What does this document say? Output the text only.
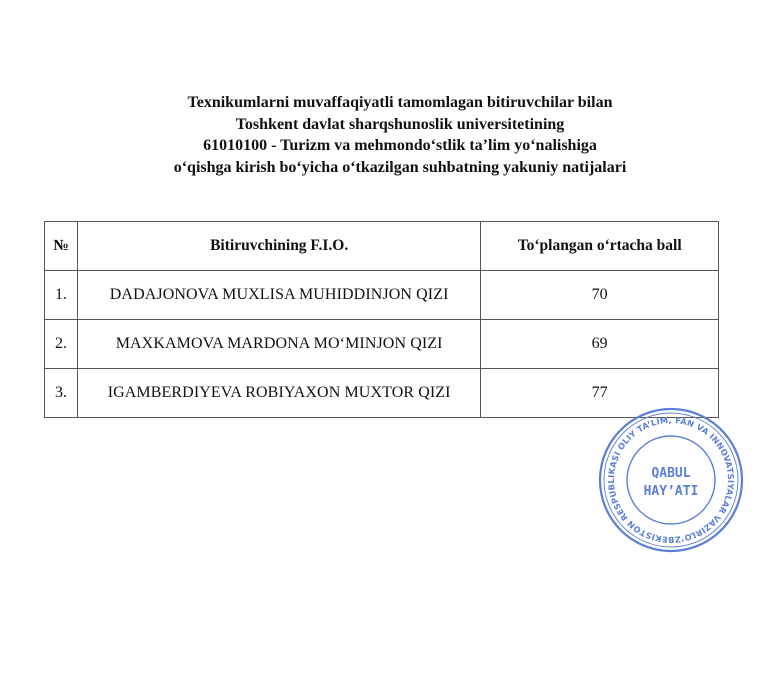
Texnikumlarni muvaffaqiyatli tamomlagan bitiruvchilar bilan
Toshkent davlat sharqshunoslik universitetining
61010100 - Turizm va mehmondo‘stlik ta’lim yo‘nalishiga
o‘qishga kirish bo‘yicha o‘tkazilgan suhbatning yakuniy natijalari
№	Bitiruvchining F.I.O.	To‘plangan o‘rtacha ball
1.	DADAJONOVA MUXLISA MUHIDDINJON QIZI	70
2.	MAXKAMOVA MARDONA MO‘MINJON QIZI	69
3.	IGAMBERDIYEVA ROBIYAXON MUXTOR QIZI	77
O‘ZBEKISTON RESPUBLIKASI OLIY TA’LIM, FAN VA INNOVATSIYALAR VAZIRLIGI
QABUL
HAY’ATI
